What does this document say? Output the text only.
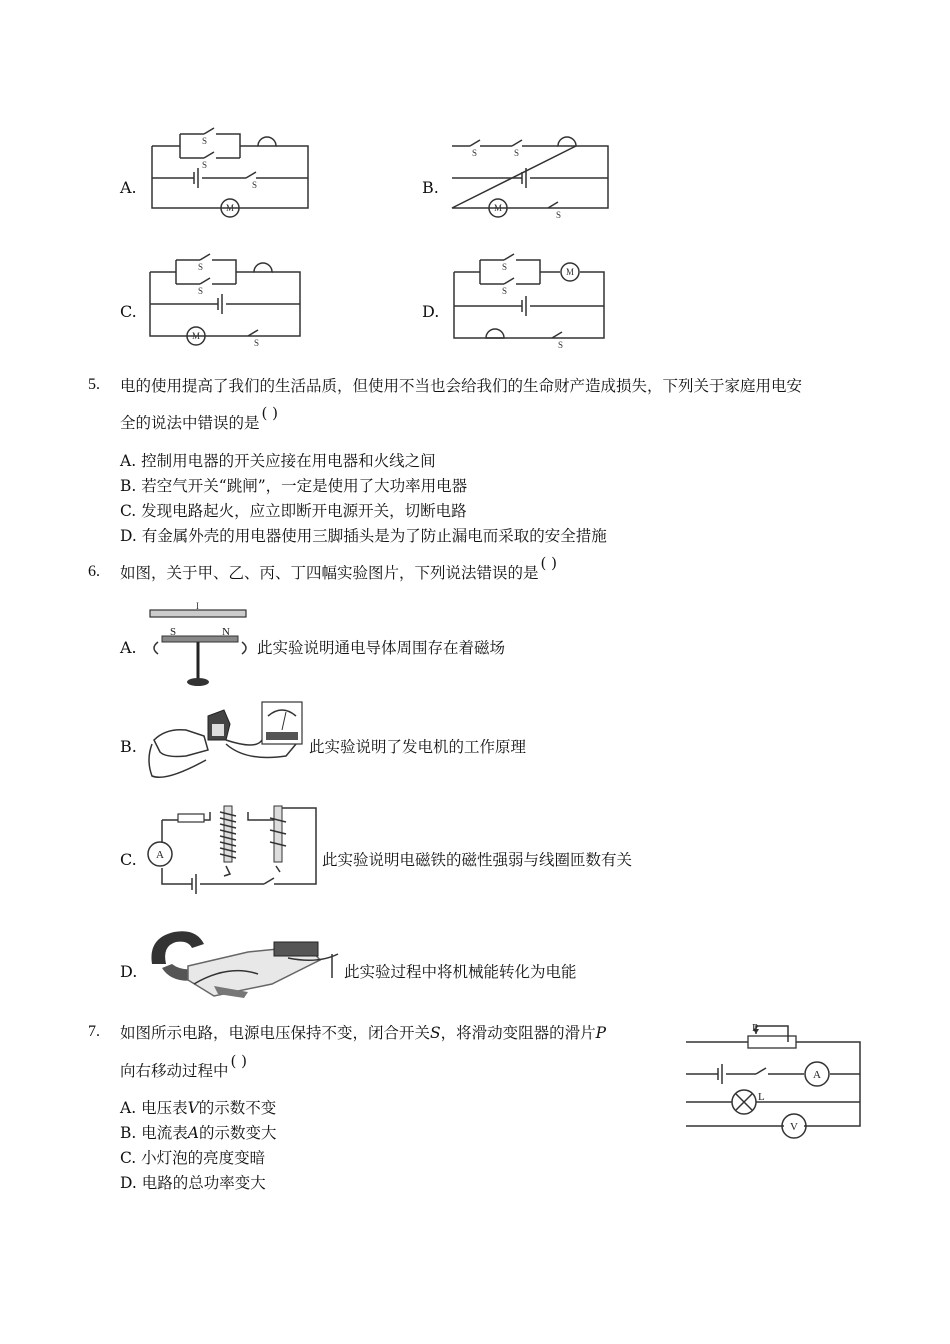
A.
M
S
S
S	B.
M
S	S
S
C.
M
S
S
S
D.
M
S
S
S
5. 电的使用提高了我们的生活品质，但使用不当也会给我们的生命财产造成损失，下列关于家庭用电安
全的说法中错误的是( )
A. 控制用电器的开关应接在用电器和火线之间
B. 若空气开关“跳闸”，一定是使用了大功率用电器
C. 发现电路起火，应立即断开电源开关，切断电路
D. 有金属外壳的用电器使用三脚插头是为了防止漏电而采取的安全措施
6. 如图，关于甲、乙、丙、丁四幅实验图片，下列说法错误的是( )
A.
I
S	N
此实验说明通电导体周围存在着磁场
B.	此实验说明了发电机的工作原理
C. A	此实验说明电磁铁的磁性强弱与线圈匝数有关
D.	此实验过程中将机械能转化为电能
7. 如图所示电路，电源电压保持不变，闭合开关S，将滑动变阻器的滑片P
向右移动过程中( )
A. 电压表V的示数不变
B. 电流表A的示数变大
C. 小灯泡的亮度变暗
D. 电路的总功率变大
P
A
L
V
